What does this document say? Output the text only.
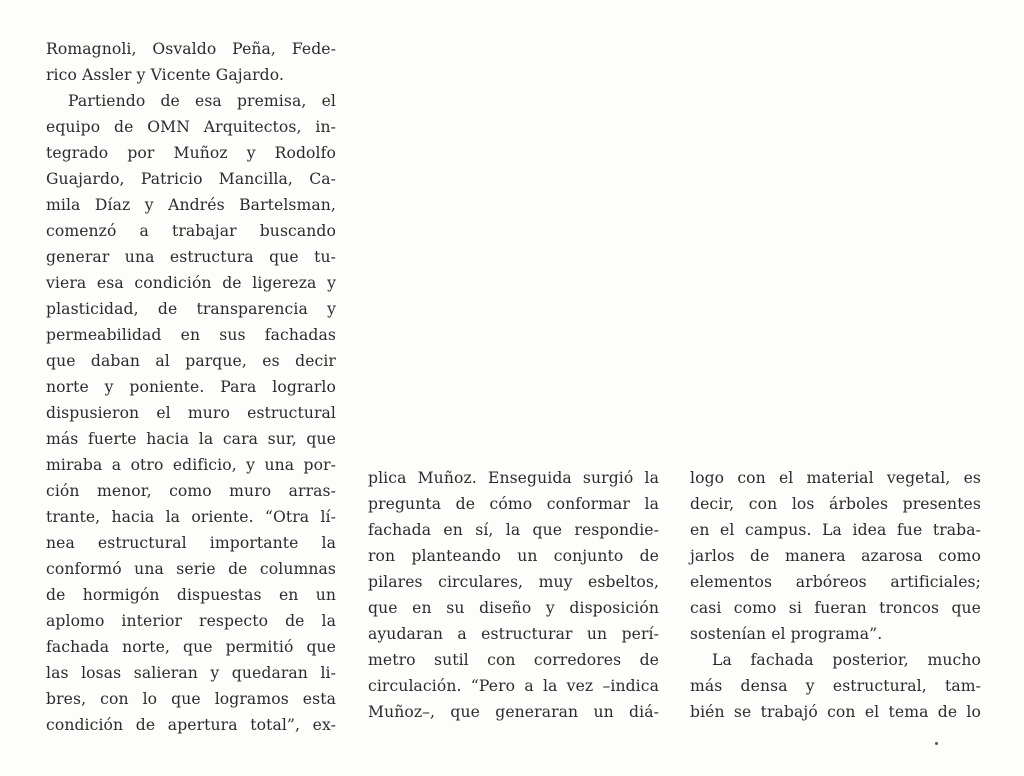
Romagnoli, Osvaldo Peña, Fede-
rico Assler y Vicente Gajardo.
Partiendo de esa premisa, el
equipo de OMN Arquitectos, in-
tegrado por Muñoz y Rodolfo
Guajardo, Patricio Mancilla, Ca-
mila Díaz y Andrés Bartelsman,
comenzó a trabajar buscando
generar una estructura que tu-
viera esa condición de ligereza y
plasticidad, de transparencia y
permeabilidad en sus fachadas
que daban al parque, es decir
norte y poniente. Para lograrlo
dispusieron el muro estructural
más fuerte hacia la cara sur, que
miraba a otro edificio, y una por-
ción menor, como muro arras-
trante, hacia la oriente. “Otra lí-
nea estructural importante la
conformó una serie de columnas
de hormigón dispuestas en un
aplomo interior respecto de la
fachada norte, que permitió que
las losas salieran y quedaran li-
bres, con lo que logramos esta
condición de apertura total”, ex-
plica Muñoz. Enseguida surgió la
pregunta de cómo conformar la
fachada en sí, la que respondie-
ron planteando un conjunto de
pilares circulares, muy esbeltos,
que en su diseño y disposición
ayudaran a estructurar un perí-
metro sutil con corredores de
circulación. “Pero a la vez –indica
Muñoz–, que generaran un diá-
logo con el material vegetal, es
decir, con los árboles presentes
en el campus. La idea fue traba-
jarlos de manera azarosa como
elementos arbóreos artificiales;
casi como si fueran troncos que
sostenían el programa”.
La fachada posterior, mucho
más densa y estructural, tam-
bién se trabajó con el tema de lo
